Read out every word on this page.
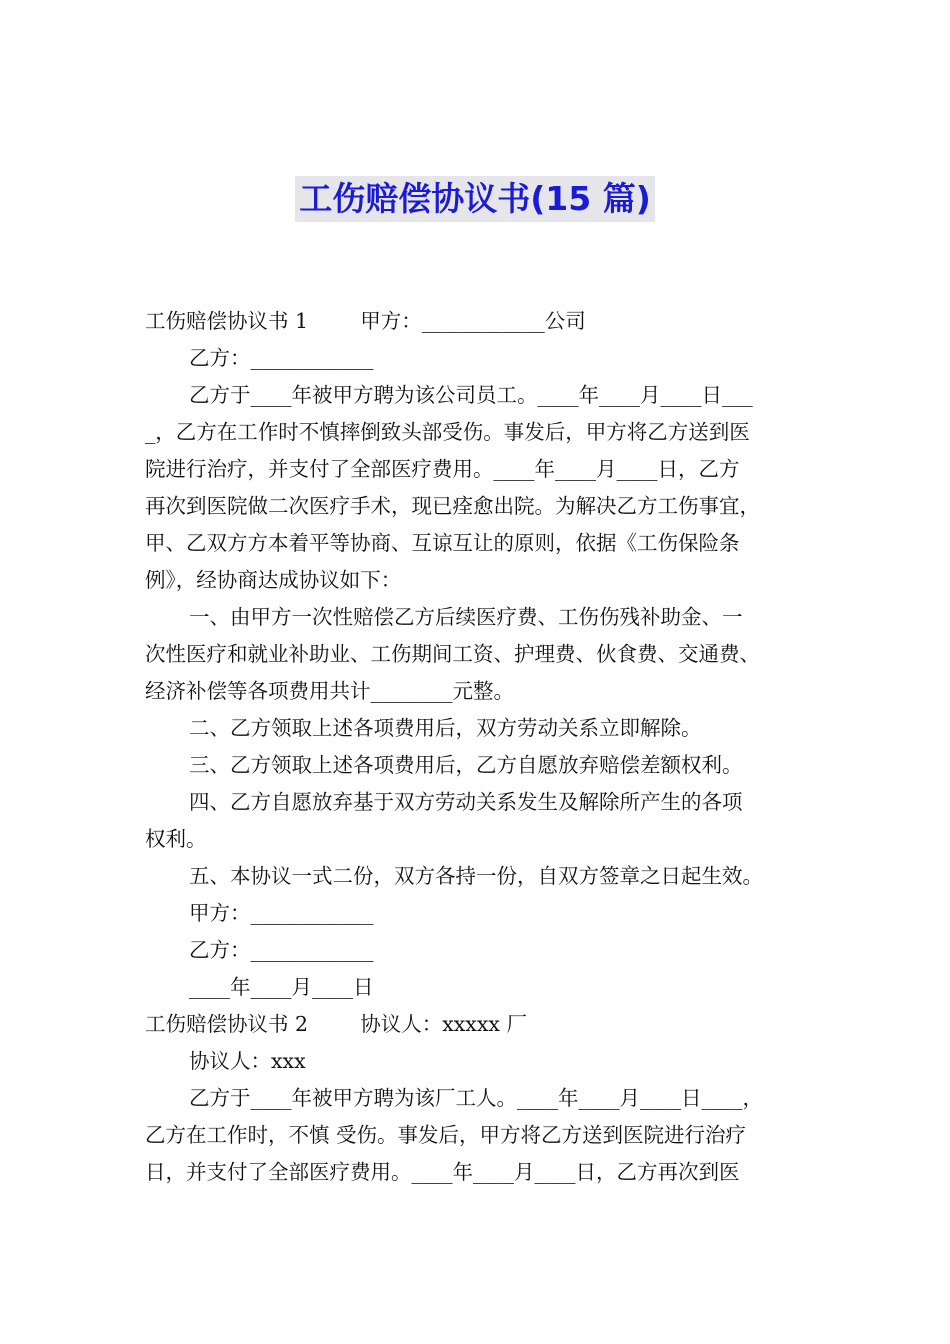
工伤赔偿协议书(15 篇)
工伤赔偿协议书 1        甲方：____________公司
乙方：____________
乙方于____年被甲方聘为该公司员工。____年____月____日___
_，乙方在工作时不慎摔倒致头部受伤。事发后，甲方将乙方送到医
院进行治疗，并支付了全部医疗费用。____年____月____日，乙方
再次到医院做二次医疗手术，现已痊愈出院。为解决乙方工伤事宜，
甲、乙双方方本着平等协商、互谅互让的原则，依据《工伤保险条
例》，经协商达成协议如下：
一、由甲方一次性赔偿乙方后续医疗费、工伤伤残补助金、一
次性医疗和就业补助业、工伤期间工资、护理费、伙食费、交通费、
经济补偿等各项费用共计________元整。
二、乙方领取上述各项费用后，双方劳动关系立即解除。
三、乙方领取上述各项费用后，乙方自愿放弃赔偿差额权利。
四、乙方自愿放弃基于双方劳动关系发生及解除所产生的各项
权利。
五、本协议一式二份，双方各持一份，自双方签章之日起生效。
甲方：____________
乙方：____________
____年____月____日
工伤赔偿协议书 2        协议人：xxxxx 厂
协议人：xxx
乙方于____年被甲方聘为该厂工人。____年____月____日____，
乙方在工作时，不慎 受伤。事发后，甲方将乙方送到医院进行治疗
日，并支付了全部医疗费用。____年____月____日，乙方再次到医
